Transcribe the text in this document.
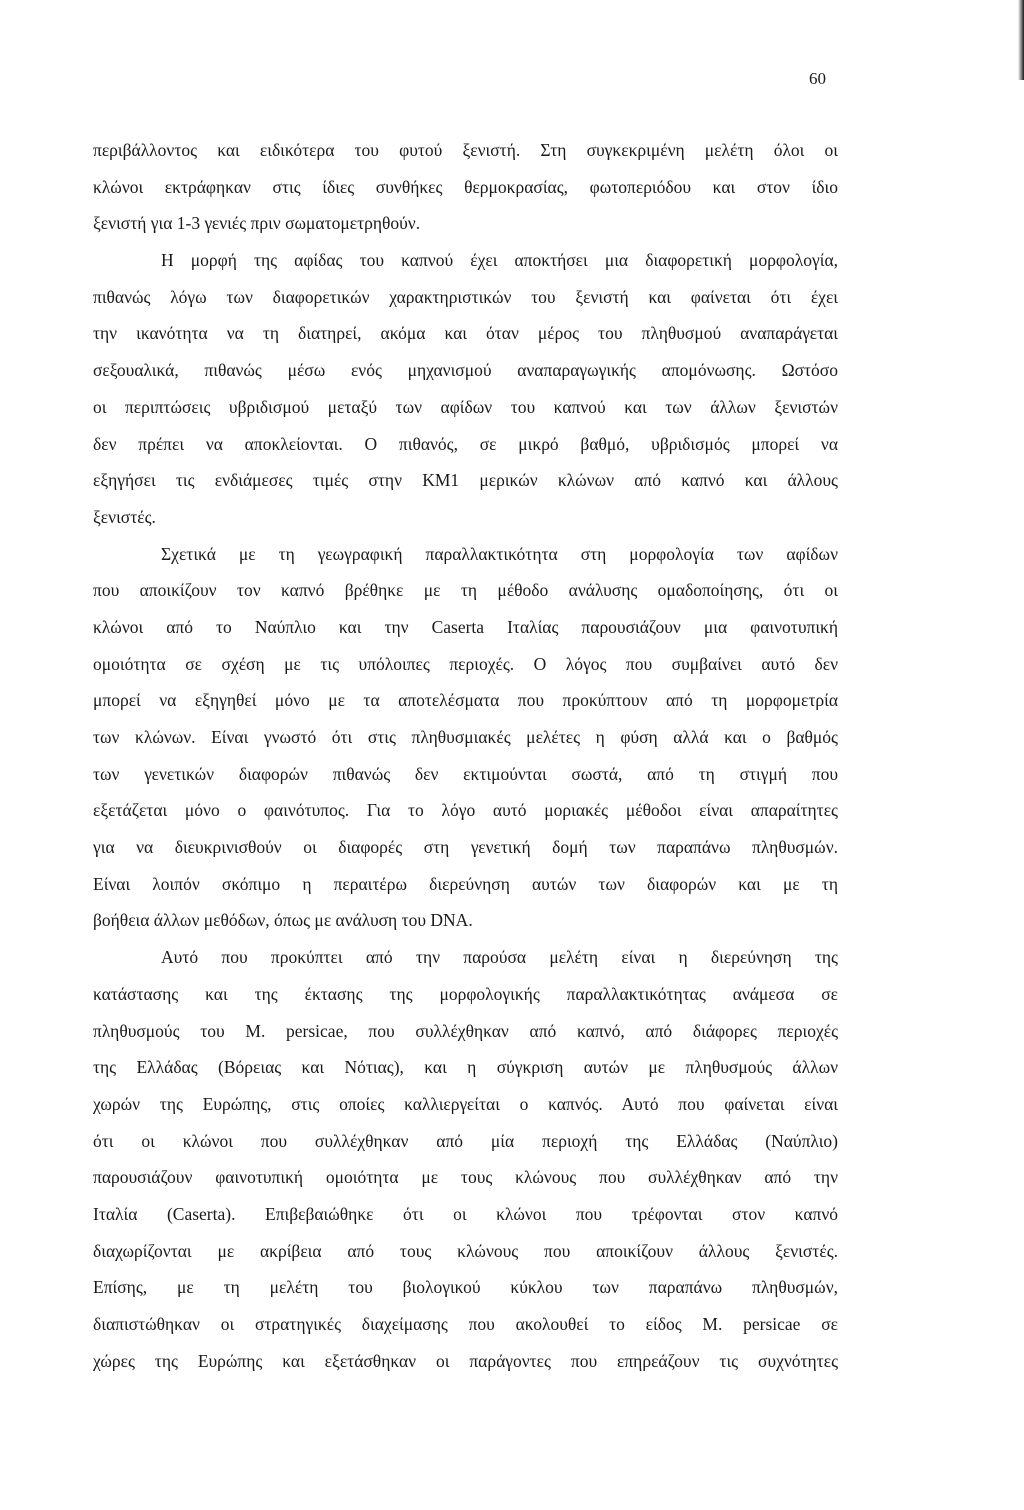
60
περιβάλλοντος και ειδικότερα του φυτού ξενιστή. Στη συγκεκριμένη μελέτη όλοι οι
κλώνοι εκτράφηκαν στις ίδιες συνθήκες θερμοκρασίας, φωτοπεριόδου και στον ίδιο
ξενιστή για 1-3 γενιές πριν σωματομετρηθούν.
Η μορφή της αφίδας του καπνού έχει αποκτήσει μια διαφορετική μορφολογία,
πιθανώς λόγω των διαφορετικών χαρακτηριστικών του ξενιστή και φαίνεται ότι έχει
την ικανότητα να τη διατηρεί, ακόμα και όταν μέρος του πληθυσμού αναπαράγεται
σεξουαλικά, πιθανώς μέσω ενός μηχανισμού αναπαραγωγικής απομόνωσης. Ωστόσο
οι περιπτώσεις υβριδισμού μεταξύ των αφίδων του καπνού και των άλλων ξενιστών
δεν πρέπει να αποκλείονται. Ο πιθανός, σε μικρό βαθμό, υβριδισμός μπορεί να
εξηγήσει τις ενδιάμεσες τιμές στην ΚΜ1 μερικών κλώνων από καπνό και άλλους
ξενιστές.
Σχετικά με τη γεωγραφική παραλλακτικότητα στη μορφολογία των αφίδων
που αποικίζουν τον καπνό βρέθηκε με τη μέθοδο ανάλυσης ομαδοποίησης, ότι οι
κλώνοι από το Ναύπλιο και την Caserta Ιταλίας παρουσιάζουν μια φαινοτυπική
ομοιότητα σε σχέση με τις υπόλοιπες περιοχές. Ο λόγος που συμβαίνει αυτό δεν
μπορεί να εξηγηθεί μόνο με τα αποτελέσματα που προκύπτουν από τη μορφομετρία
των κλώνων. Είναι γνωστό ότι στις πληθυσμιακές μελέτες η φύση αλλά και ο βαθμός
των γενετικών διαφορών πιθανώς δεν εκτιμούνται σωστά, από τη στιγμή που
εξετάζεται μόνο ο φαινότυπος. Για το λόγο αυτό μοριακές μέθοδοι είναι απαραίτητες
για να διευκρινισθούν οι διαφορές στη γενετική δομή των παραπάνω πληθυσμών.
Είναι λοιπόν σκόπιμο η περαιτέρω διερεύνηση αυτών των διαφορών και με τη
βοήθεια άλλων μεθόδων, όπως με ανάλυση του DNA.
Αυτό που προκύπτει από την παρούσα μελέτη είναι η διερεύνηση της
κατάστασης και της έκτασης της μορφολογικής παραλλακτικότητας ανάμεσα σε
πληθυσμούς του M. persicae, που συλλέχθηκαν από καπνό, από διάφορες περιοχές
της Ελλάδας (Βόρειας και Νότιας), και η σύγκριση αυτών με πληθυσμούς άλλων
χωρών της Ευρώπης, στις οποίες καλλιεργείται ο καπνός. Αυτό που φαίνεται είναι
ότι οι κλώνοι που συλλέχθηκαν από μία περιοχή της Ελλάδας (Ναύπλιο)
παρουσιάζουν φαινοτυπική ομοιότητα με τους κλώνους που συλλέχθηκαν από την
Ιταλία (Caserta). Επιβεβαιώθηκε ότι οι κλώνοι που τρέφονται στον καπνό
διαχωρίζονται με ακρίβεια από τους κλώνους που αποικίζουν άλλους ξενιστές.
Επίσης, με τη μελέτη του βιολογικού κύκλου των παραπάνω πληθυσμών,
διαπιστώθηκαν οι στρατηγικές διαχείμασης που ακολουθεί το είδος M. persicae σε
χώρες της Ευρώπης και εξετάσθηκαν οι παράγοντες που επηρεάζουν τις συχνότητες
